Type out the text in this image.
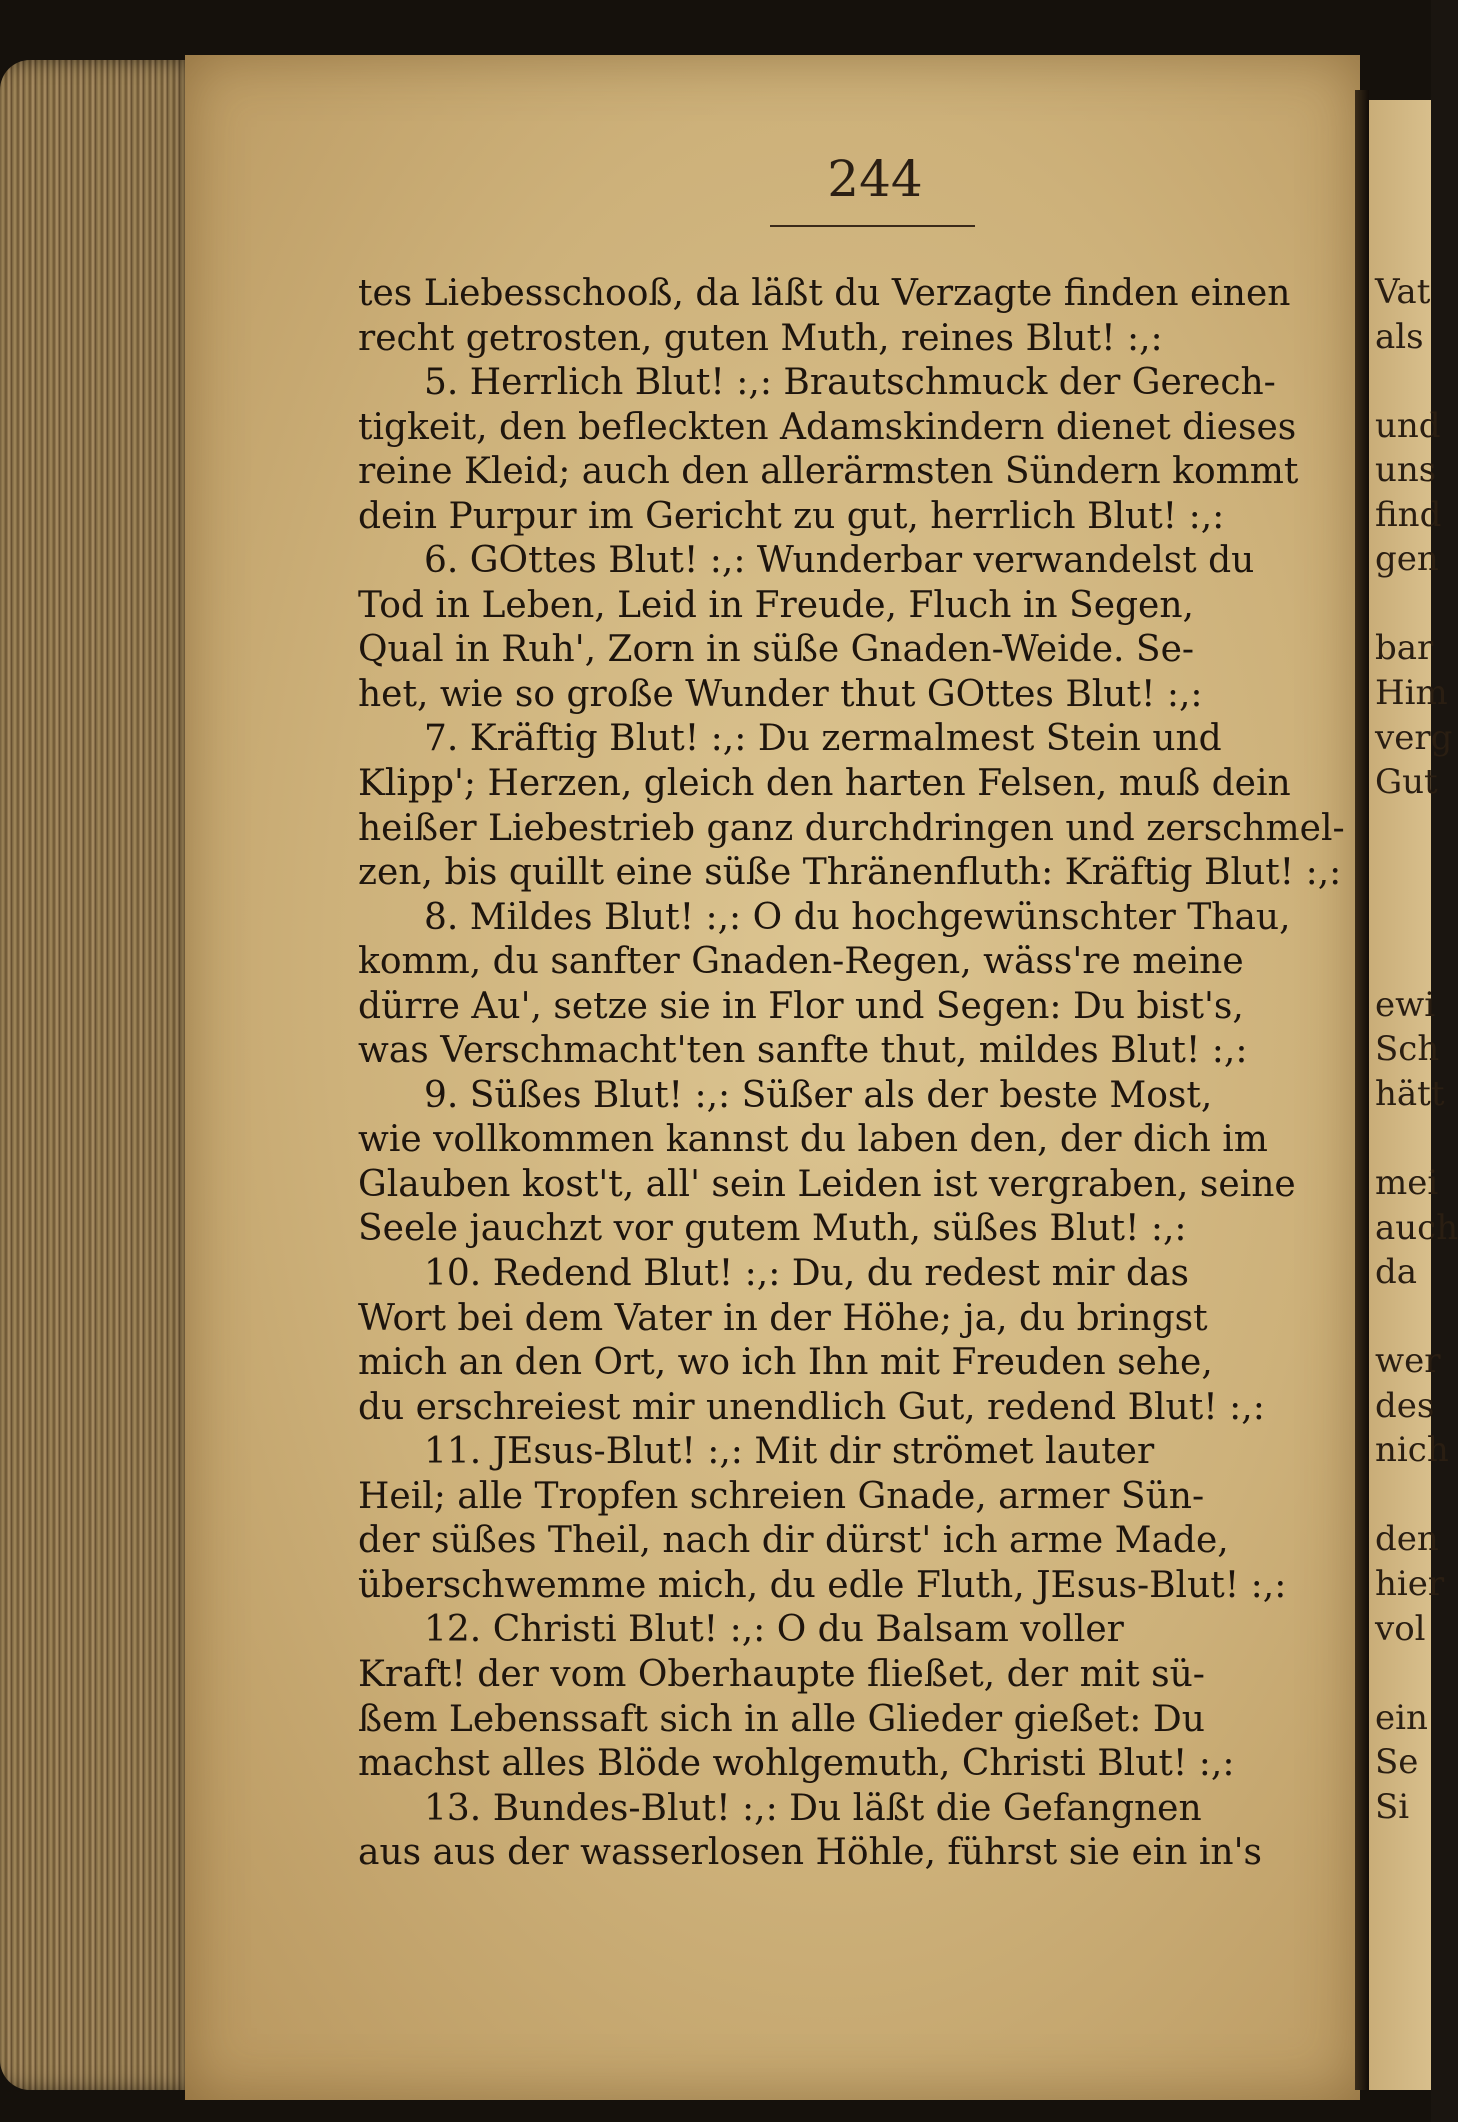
Vat
als
und
uns
find
gen
bar
Him
verg
Gut
ewi
Sch
hätt
mei
auch
da
wer
des
nich
den
hier
vol
ein
Se
Si
244
tes Liebesschooß, da läßt du Verzagte finden einen
recht getrosten, guten Muth, reines Blut! :,:
5. Herrlich Blut! :,: Brautschmuck der Gerech-
tigkeit, den befleckten Adamskindern dienet dieses
reine Kleid; auch den allerärmsten Sündern kommt
dein Purpur im Gericht zu gut, herrlich Blut! :,:
6. GOttes Blut! :,: Wunderbar verwandelst du
Tod in Leben, Leid in Freude, Fluch in Segen,
Qual in Ruh', Zorn in süße Gnaden-Weide. Se-
het, wie so große Wunder thut GOttes Blut! :,:
7. Kräftig Blut! :,: Du zermalmest Stein und
Klipp'; Herzen, gleich den harten Felsen, muß dein
heißer Liebestrieb ganz durchdringen und zerschmel-
zen, bis quillt eine süße Thränenfluth: Kräftig Blut! :,:
8. Mildes Blut! :,: O du hochgewünschter Thau,
komm, du sanfter Gnaden-Regen, wäss're meine
dürre Au', setze sie in Flor und Segen: Du bist's,
was Verschmacht'ten sanfte thut, mildes Blut! :,:
9. Süßes Blut! :,: Süßer als der beste Most,
wie vollkommen kannst du laben den, der dich im
Glauben kost't, all' sein Leiden ist vergraben, seine
Seele jauchzt vor gutem Muth, süßes Blut! :,:
10. Redend Blut! :,: Du, du redest mir das
Wort bei dem Vater in der Höhe; ja, du bringst
mich an den Ort, wo ich Ihn mit Freuden sehe,
du erschreiest mir unendlich Gut, redend Blut! :,:
11. JEsus-Blut! :,: Mit dir strömet lauter
Heil; alle Tropfen schreien Gnade, armer Sün-
der süßes Theil, nach dir dürst' ich arme Made,
überschwemme mich, du edle Fluth, JEsus-Blut! :,:
12. Christi Blut! :,: O du Balsam voller
Kraft! der vom Oberhaupte fließet, der mit sü-
ßem Lebenssaft sich in alle Glieder gießet: Du
machst alles Blöde wohlgemuth, Christi Blut! :,:
13. Bundes-Blut! :,: Du läßt die Gefangnen
aus aus der wasserlosen Höhle, führst sie ein in's
